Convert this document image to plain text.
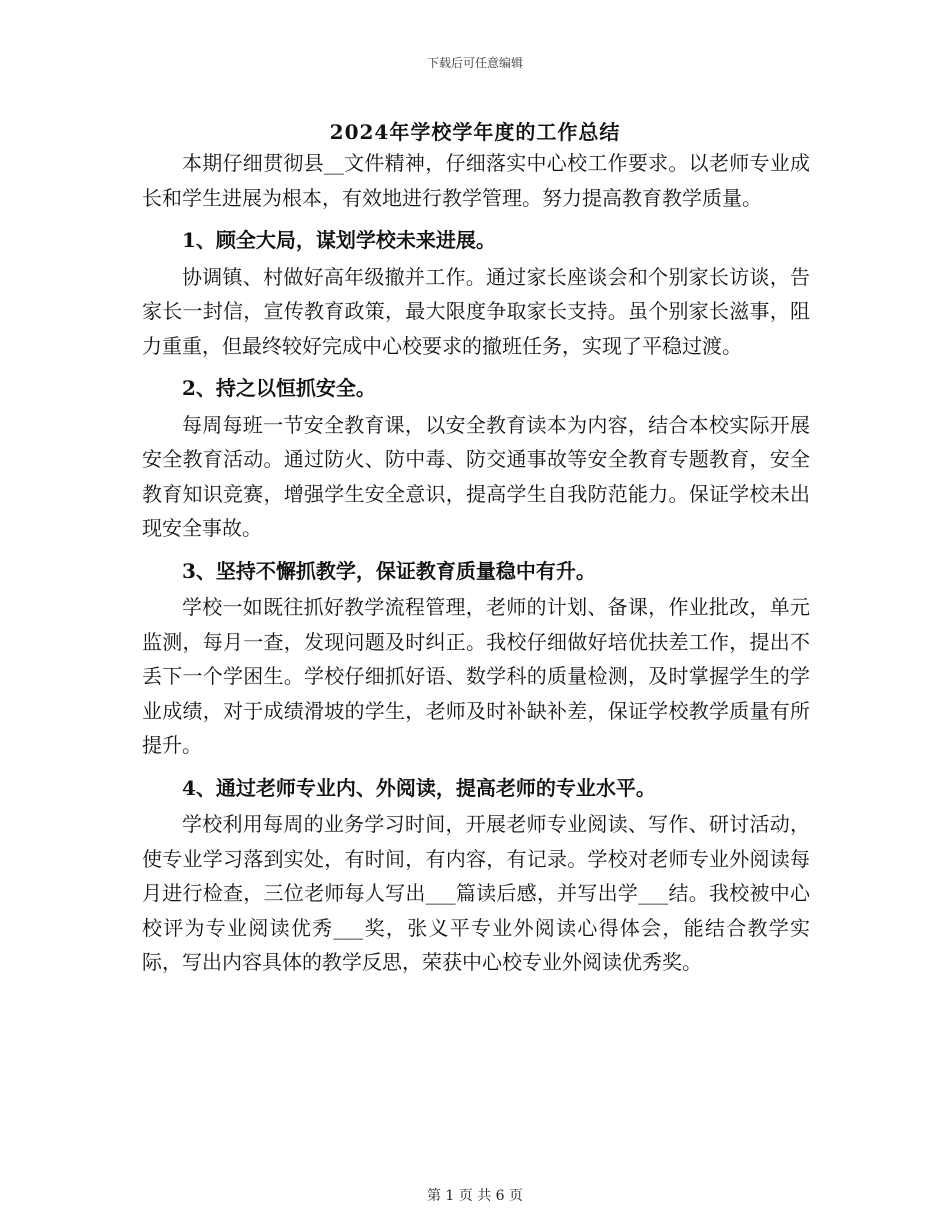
下载后可任意编辑
2024年学校学年度的工作总结

本期仔细贯彻县__文件精神，仔细落实中心校工作要求。以老师专业成长和学生进展为根本，有效地进行教学管理。努力提高教育教学质量。

1、顾全大局，谋划学校未来进展。

协调镇、村做好高年级撤并工作。通过家长座谈会和个别家长访谈，告家长一封信，宣传教育政策，最大限度争取家长支持。虽个别家长滋事，阻力重重，但最终较好完成中心校要求的撤班任务，实现了平稳过渡。

2、持之以恒抓安全。

每周每班一节安全教育课，以安全教育读本为内容，结合本校实际开展安全教育活动。通过防火、防中毒、防交通事故等安全教育专题教育，安全教育知识竞赛，增强学生安全意识，提高学生自我防范能力。保证学校未出现安全事故。

3、坚持不懈抓教学，保证教育质量稳中有升。

学校一如既往抓好教学流程管理，老师的计划、备课，作业批改，单元监测，每月一查，发现问题及时纠正。我校仔细做好培优扶差工作，提出不丢下一个学困生。学校仔细抓好语、数学科的质量检测，及时掌握学生的学业成绩，对于成绩滑坡的学生，老师及时补缺补差，保证学校教学质量有所提升。

4、通过老师专业内、外阅读，提高老师的专业水平。

学校利用每周的业务学习时间，开展老师专业阅读、写作、研讨活动，使专业学习落到实处，有时间，有内容，有记录。学校对老师专业外阅读每月进行检查，三位老师每人写出___篇读后感，并写出学___结。我校被中心校评为专业阅读优秀___奖，张义平专业外阅读心得体会，能结合教学实际，写出内容具体的教学反思，荣获中心校专业外阅读优秀奖。

第 1 页 共 6 页
